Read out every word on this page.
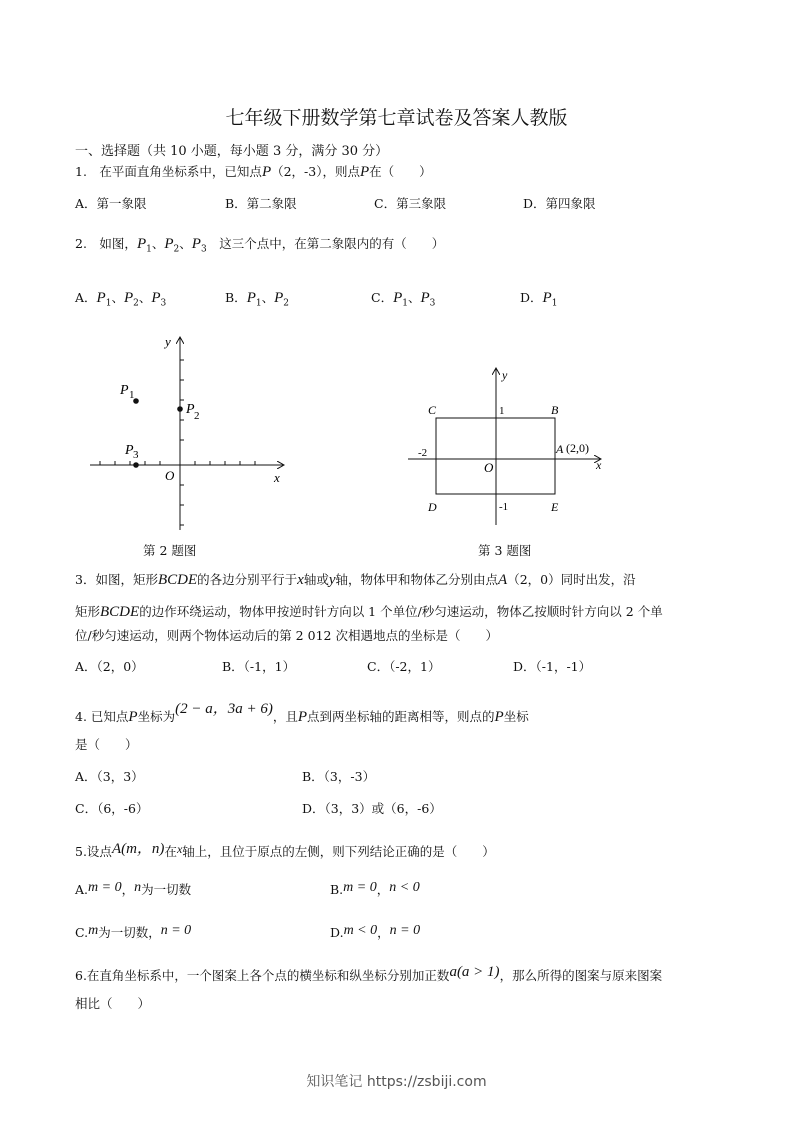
七年级下册数学第七章试卷及答案人教版
一、选择题（共 10 小题，每小题 3 分，满分 30 分）
1.　在平面直角坐标系中，已知点P（2，-3），则点P在（　　）
A．第一象限	B．第二象限	C．第三象限	D．第四象限
2.　如图，$P_1$、$P_2$、$P_3$　 这三个点中，在第二象限内的有（　　）
A．$P_1$、$P_2$、$P_3$	B．$P_1$、$P_2$	C．$P_1$、$P_3$	D．$P_1$
y
x
O
P 1
P 2
P 3
第 2 题图
y
x
O
C	B
D	E
A (2,0)
1
-2
-1
第 3 题图
3．如图，矩形BCDE的各边分别平行于x轴或y轴，物体甲和物体乙分别由点A（2，0）同时出发，沿
矩形BCDE的边作环绕运动，物体甲按逆时针方向以 1 个单位/秒匀速运动，物体乙按顺时针方向以 2 个单
位/秒匀速运动，则两个物体运动后的第 2 012 次相遇地点的坐标是（　　）
A．（2，0）	B．（-1，1）	C．（-2，1）	D．（-1，-1）
4. 已知点P坐标为(2 − a，3a + 6)，且P点到两坐标轴的距离相等，则点的P坐标
是（　　）
A．（3，3）	B．（3，-3）
C．（6，-6）	D．（3，3）或（6，-6）
5.设点A(m，n)在x轴上，且位于原点的左侧，则下列结论正确的是（　　）
A.m = 0，n为一切数	B.m = 0，n < 0
C.m为一切数，n = 0	D.m < 0，n = 0
6.在直角坐标系中，一个图案上各个点的横坐标和纵坐标分别加正数a(a > 1)，那么所得的图案与原来图案
相比（　　）
知识笔记 https://zsbiji.com
